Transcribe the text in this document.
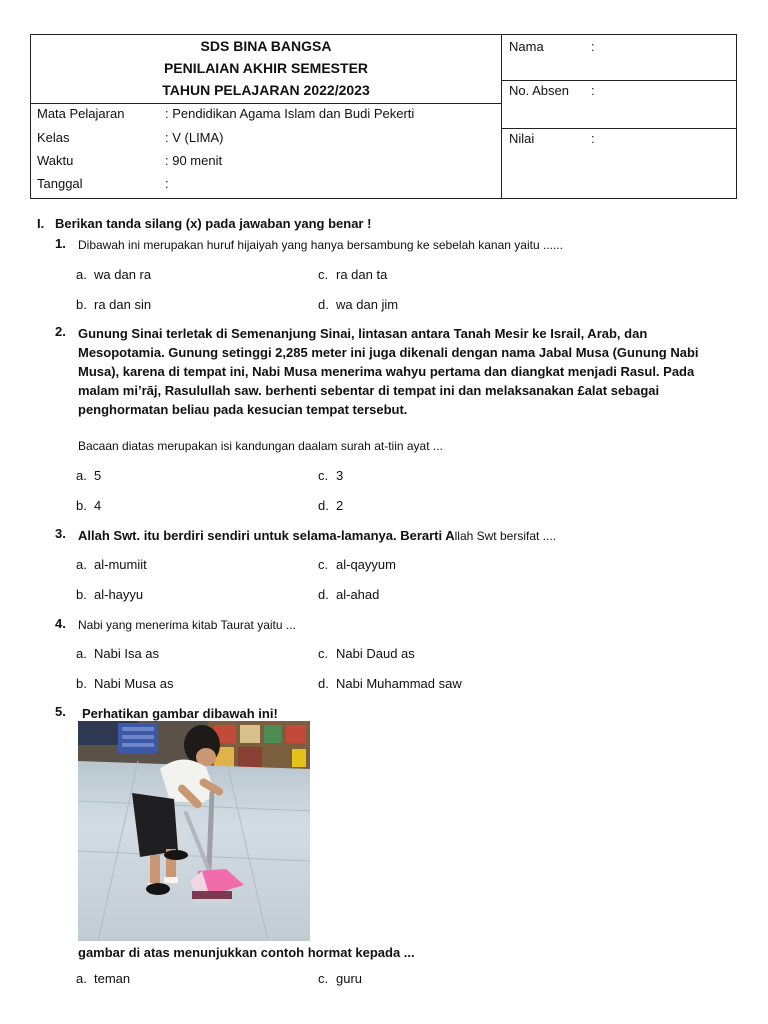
SDS BINA BANGSA
PENILAIAN AKHIR SEMESTER
TAHUN PELAJARAN 2022/2023
Mata Pelajaran	: Pendidikan Agama Islam dan Budi Pekerti
Kelas	: V (LIMA)
Waktu	: 90 menit
Tanggal	:
Nama	:
No. Absen :
Nilai	:
I. Berikan tanda silang (x) pada jawaban yang benar !
1. Dibawah ini merupakan huruf hijaiyah yang hanya bersambung ke sebelah kanan yaitu ......
a. wa dan ra	c. ra dan ta
b. ra dan sin	d. wa dan jim
2. Gunung Sinai terletak di Semenanjung Sinai, lintasan antara Tanah Mesir ke Israil, Arab, dan Mesopotamia. Gunung setinggi 2,285 meter ini juga dikenali dengan nama Jabal Musa (Gunung Nabi Musa), karena di tempat ini, Nabi Musa menerima wahyu pertama dan diangkat menjadi Rasul. Pada malam mi’rāj, Rasulullah saw. berhenti sebentar di tempat ini dan melaksanakan £alat sebagai penghormatan beliau pada kesucian tempat tersebut.
Bacaan diatas merupakan isi kandungan daalam surah at-tiin ayat ...
a. 5	c. 3
b. 4	d. 2
3. Allah Swt. itu berdiri sendiri untuk selama-lamanya. Berarti Allah Swt bersifat ....
a. al-mumiit	c. al-qayyum
b. al-hayyu	d. al-ahad
4. Nabi yang menerima kitab Taurat yaitu ...
a. Nabi Isa as	c. Nabi Daud as
b. Nabi Musa as	d. Nabi Muhammad saw
5. Perhatikan gambar dibawah ini!
gambar di atas menunjukkan contoh hormat kepada ...
a. teman	c. guru
